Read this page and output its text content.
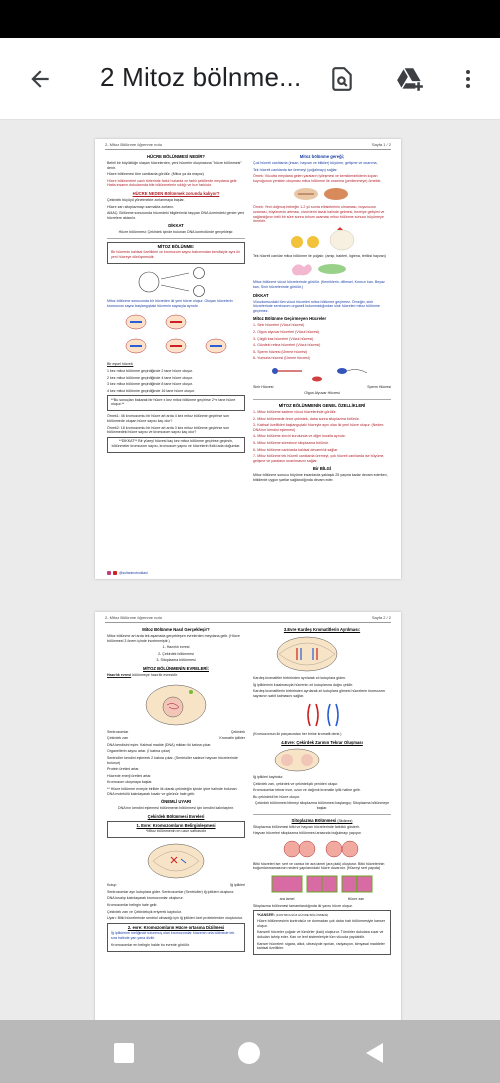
2 Mitoz bölnme...
2- Mitoz Bölünme öğrenme notu	Sayfa 1 / 2
HÜCRE BÖLÜNMESİ NEDİR?
Belirli bir büyüklüğe ulaşan hücrelerden, yeni hücreler oluşmasına "hücre bölünmesi" denir.
Hücre bölünmesi tüm canlılarda görülür. (Mitoz ya da mayoz)
Hücre bölünmeleri canlı türlerinde farklı hızlarda ve farklı şekillerde meydana gelir. Hatta insanın dokularında bile bölünmelerin sıklığı ve hızı farklıdır.
HÜCRE NEDEN Bölünmek zorunda kalıyor?
Çekirdek büyüyü yönetmekte zorlanmaya başlar.
Hücre zarı sitoplazmayı sarmakta zorlanır.
AMAÇ: Bölünme sonucunda hücredeki bilgilerimizi taşıyan DNA üzerindeki genler yeni hücrelere aktarılır.
DİKKAT
Hücre bölünmesi; Çekirdek içinde bulunan DNA kontrolünde gerçekleşir.
MİTOZ BÖLÜNME:
Bir hücrenin kalıtsal özellikleri ve kromozom sayısı bakımından kendisiyle aynı iki yeni hücreye dönüşmesidir.
Mitoz bölünme sonucunda bir hücreden iki yeni hücre oluşur. Oluşan hücrelerin kromozom sayısı başlangıçtaki hücrenin sayısıyla aynıdır.
Bir eşsel hücreli;
1 kez mitoz bölünme geçirdiğinde 2 tane hücre oluşur.
2 kez mitoz bölünme geçirdiğinde 4 tane hücre oluşur.
3 kez mitoz bölünme geçirdiğinde 8 tane hücre oluşur.
4 kez mitoz bölünme geçirdiğinde 16 tane hücre oluşur.
**Bu sonuçları bakarak bir hücre x kez mitoz bölünme geçirirse 2^x tane hücre oluşur.**
Örnek1: 46 kromozomlu bir hücre art arda 4 kez mitoz bölünme geçirirse son bölünmede oluşan hücre sayısı kaç olur?
Örnek2: 18 kromozomlu bir hücre art arda 3 kez mitoz bölünme geçirirse son bölünmedeki hücre sayısı ve kromozom sayısı kaç olur?
**DİKKAT** Bir yüzeyi hücresi kaç kez mitoz bölünme geçirirse geçirsin, bölünmeler kromozom sayısı, kromozom yapısı ve hücrelerin fiziki ada doğumlar.
Mitoz bölünme gereği;
Çok hücreli canlılarda (insan, hayvan ve bitkiler) büyüme, gelişme ve onarıma,
Tek hücreli canlılarda ise üremeyi (çoğalmayı) sağlar.
Örnek: Vücutta meydana gelen yaraların iyileşmesi ve kemiklerdekilerin kopan kuyruğunun yeniden oluşması mitoz bölünme ile onarıma (yenilenmeye) örnektir.
Örnek: Yeni doğmuş bebeğin 1-2 yıl sonra elbiselerinin olmaması, boyunuzun uzaması, büyümenin artması, civcivlerin tavuk halinde gelmesi, bezelye gelişimi ve sağlanlığının belli bir süre sonra tohum uzaması mitoz bölünme sonucu büyümeye örnektir.
Tek hücreli canlılar mitoz bölünme ile çoğalır. (amip, bakteri, öglena, terliksi hayvan)
Mitoz bölünme vücut hücrelerinde görülür. (Kemiklerin, dilimsel, Kırmızı kan, Beyaz kan, Sinir hücrelerinde görülür.)
DİKKAT
Vücudumuzdaki tüm vücut hücreleri mitoz bölünme geçirmez. Örneğin, sinir hücrelerinde sentrozom organeli bulunmadığından sinir hücreleri mitoz bölünme geçirmez.
Mitoz Bölünme Geçirmeyen Hücreler
1- Sinir hücreleri (Vücut hücresi)
2- Olgun alyuvar hücreleri (Vücut hücresi)
3- Çizgili kas hücreleri (Vücut hücresi)
4- Gözdeki retina hücreleri (Vücut hücresi)
5- Sperm hücresi (Üreme hücresi)
6- Yumurta hücresi (Üreme hücresi)
Sinir Hücresi	Sperm Hücresi
Olgun Alyuvar Hücresi
MİTOZ BÖLÜNMENİN GENEL ÖZELLİKLERİ
1- Mitoz bölünme sadece vücut hücrelerinde görülür.
2- Mitoz bölünmede önce çekirdek, daha sonra sitoplazma bölünür.
3- Kalıtsal özellikleri başlangıçtaki hücreyle aynı olan iki yeni hücre oluşur. (Neden: DNA'nın kendini eşlemesi)
4- Mitoz bölünme zinciri kurulunda ve diğer kuralla aynıdır.
5- Mitoz bölünme süresince sitoplazma bölünür.
6- Mitoz bölünme canlılarda kalıtsal devamlılık sağlar.
7- Mitoz bölünme tek hücreli canlılarda üremeyi, çok hücreli canlılarda ise büyüme, gelişme ve yaraların onarılmasını sağlar.
Bir BİLGİ
Mitoz bölünme sonucu büyüme insanlarda yaklaşık 25 yaşına kadar devam ederken, bitkilerde uygun şartlar sağlandığında devam eder.
@sultaninotnoktasi
2- Mitoz Bölünme öğrenme notu	Sayfa 2 / 2
Mitoz Bölünme Nasıl Gerçekleşir?
Mitoz bölünme art arda tek aşamada gerçekleşen evrelerden meydana gelir. (Hücre bölünmesi 3 önem içinde incelenmiştir.)
1- Hazırlık evresi
2- Çekirdek bölünmesi
3- Sitoplazma bölünmesi
MİTOZ BÖLÜNMENİN EVRELERİ:
Hazırlık evresi bölünmeye hazırlık evresidir.
Sentrozomlar	Çekirdek
Çekirdek zarı	Kromatin iplikler
DNA kendisini eşler. Kalıtsal madde (DNA) miktarı iki katına çıkar.
Organellerin sayısı artar. (İ katına çıkar)
Sentrioller kendini eşlereek 2 katına çıkar. (Sentrioller sadece hayvan hücrelerinde bulunur)
Protein üretimi artar.
Hücrede enerji üretimi artar.
Kromozom oluşmaya başlar.
** Hücre bölünme evreyle birlikte ilk olarak çekirdeğin içinde iyice halinde bulunan DNA molekülü kalınlaşarak kısalır ve görünür hale gelir.
ÖNEMLİ UYARI
DNA'nın kendini eşlemesi bölünmenin bölünmesi için kendini kalınlaştırır.
Çekirdek Bölünmesi Evreleri
1. Evre: Kromozomların Belirginleşmesi
*Mitoz bölünmenin en uzun safhasıdır
Kutup	İğ iplikleri
Sentrozomlar ayrı kutuplara gider. Sentrozomlar (Sentrioller) iğ iplikleri oluşturur.
DNA kısalıp kalınlaşarak kromozomlar oluşturur.
Kromozomlar belirgin hale gelir.
Çekirdek zarı ve Çekirdekçik eriyerek kaybolur.
Uyarı: Bitki hücrelerinde sentriol olmadığı için iğ iplikleri özel proteinlerden oluşturulur.
2. evre: Kromozomların Hücre ortasına Dizilmesi
İğ ipliklerine meliğinde tutunmuş olan kromozomlar hücrenin orta bölmede tek sıra halinde yan yana dizilir.
Kromozomlar en belirgin halde bu evrede görülür.
3.Evre Kardeş Kromatitlerin Ayrılması:
Kardeş kromatitler birbirinden ayrılarak zıt kutuplara giden.
İğ ipliklerinin kısalmasıyla hücrenin zıt kutuplarına doğru çekilir.
Kardeş kromatitlerin birbirinden ayrılarak zıt kutuplara gitmesi hücrelerin kromozom sayısının sabit kalmasını sağlar.
(Kromozomun iki parçasından her birine kromatit denir.)
4.Evre: Çekirdek Zarının Tekrar Oluşması
İğ iplikleri kaybolur.
Çekirdek zarı, çekirdek ve çekirdekçik yeniden oluşur.
Kromozomlar tekrar ince, uzun ve dağınık kromatin iplik haline gelir.
Bu çekirdekli bir hücre oluşur.
Çekirdek bölünmesi bitmeyi sitoplazma bölünmesi başlangıç: Sitoplazma bölünmeye başlar.
Sitoplazma Bölünmesi (Sitokinez)
Sitoplazma bölünmesi bitki ve hayvan hücrelerinde farklılık gösterir.
Hayvan hücreleri sitoplazma bölünmesi arasında boğulmayı yapıyor.
Bitki hücreleri ise: sert ve cansız bir ara lamel (ara plak) oluşturur. Bitki hücrelerinin boğumlanmamasının nedeni yapılarındaki hücre duvarıdır. (Hücreyi sert yapıda)
ara lamel	Hücre zarı
Sitoplazma bölünmesi tamamlandığında iki yavru hücre oluşur.
*KANSER: (KONTROLSÜZ HÜCRE BÖLÜNMESİ)
Hücre bölünmesinin kontrolsüz ve durmadan çok daha hızlı bölünmesiyle kanser oluşur.
Kanserli hücreler çoğalır ve tümörler (katı) oluşturur. Tümörler dokulara sızar ve dokuları tahrip eder. Kan ve lenf sistemleriyle tüm vücuda yayılabilir.
Kanser hücreleri: sigara, alkol, ultraviyole ışınları, radyasyon, kimyasal maddeler kalıtsal özellikler.
